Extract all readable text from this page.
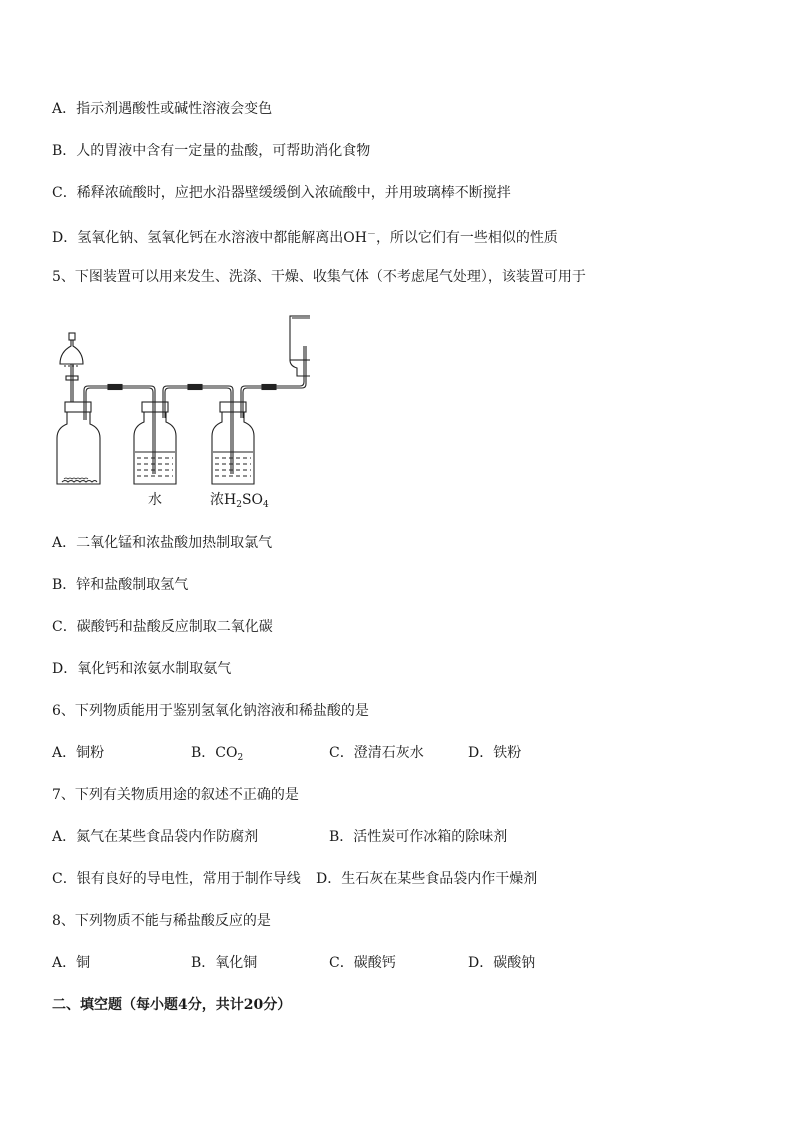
A．指示剂遇酸性或碱性溶液会变色
B．人的胃液中含有一定量的盐酸，可帮助消化食物
C．稀释浓硫酸时，应把水沿器壁缓缓倒入浓硫酸中，并用玻璃棒不断搅拌
D．氢氧化钠、氢氧化钙在水溶液中都能解离出OH－，所以它们有一些相似的性质
5、下图装置可以用来发生、洗涤、干燥、收集气体（不考虑尾气处理），该装置可用于
水	浓$H_2SO_4$
A．二氧化锰和浓盐酸加热制取氯气
B．锌和盐酸制取氢气
C．碳酸钙和盐酸反应制取二氧化碳
D．氧化钙和浓氨水制取氨气
6、下列物质能用于鉴别氢氧化钠溶液和稀盐酸的是
A．铜粉	B．$CO_2$	C．澄清石灰水	D．铁粉
7、下列有关物质用途的叙述不正确的是
A．氮气在某些食品袋内作防腐剂	B．活性炭可作冰箱的除味剂
C．银有良好的导电性，常用于制作导线 D．生石灰在某些食品袋内作干燥剂
8、下列物质不能与稀盐酸反应的是
A．铜	B．氧化铜	C．碳酸钙	D．碳酸钠
二、填空题（每小题4分，共计20分）
